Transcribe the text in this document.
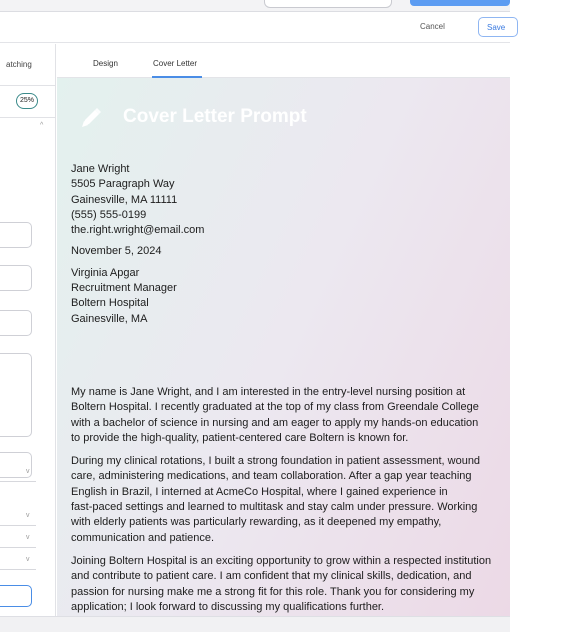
Cancel	Save
atching
25%
^
v
v
v
v
Design	Cover Letter
Cover Letter Prompt

Jane Wright

5505 Paragraph Way

Gainesville, MA 11111

(555) 555-0199

the.right.wright@email.com

November 5, 2024

Virginia Apgar

Recruitment Manager

Boltern Hospital

Gainesville, MA

My name is Jane Wright, and I am interested in the entry-level nursing position at
Boltern Hospital. I recently graduated at the top of my class from Greendale College
with a bachelor of science in nursing and am eager to apply my hands-on education
to provide the high-quality, patient-centered care Boltern is known for.
During my clinical rotations, I built a strong foundation in patient assessment, wound
care, administering medications, and team collaboration. After a gap year teaching
English in Brazil, I interned at AcmeCo Hospital, where I gained experience in
fast-paced settings and learned to multitask and stay calm under pressure. Working
with elderly patients was particularly rewarding, as it deepened my empathy,
communication and patience.
Joining Boltern Hospital is an exciting opportunity to grow within a respected institution
and contribute to patient care. I am confident that my clinical skills, dedication, and
passion for nursing make me a strong fit for this role. Thank you for considering my
application; I look forward to discussing my qualifications further.
